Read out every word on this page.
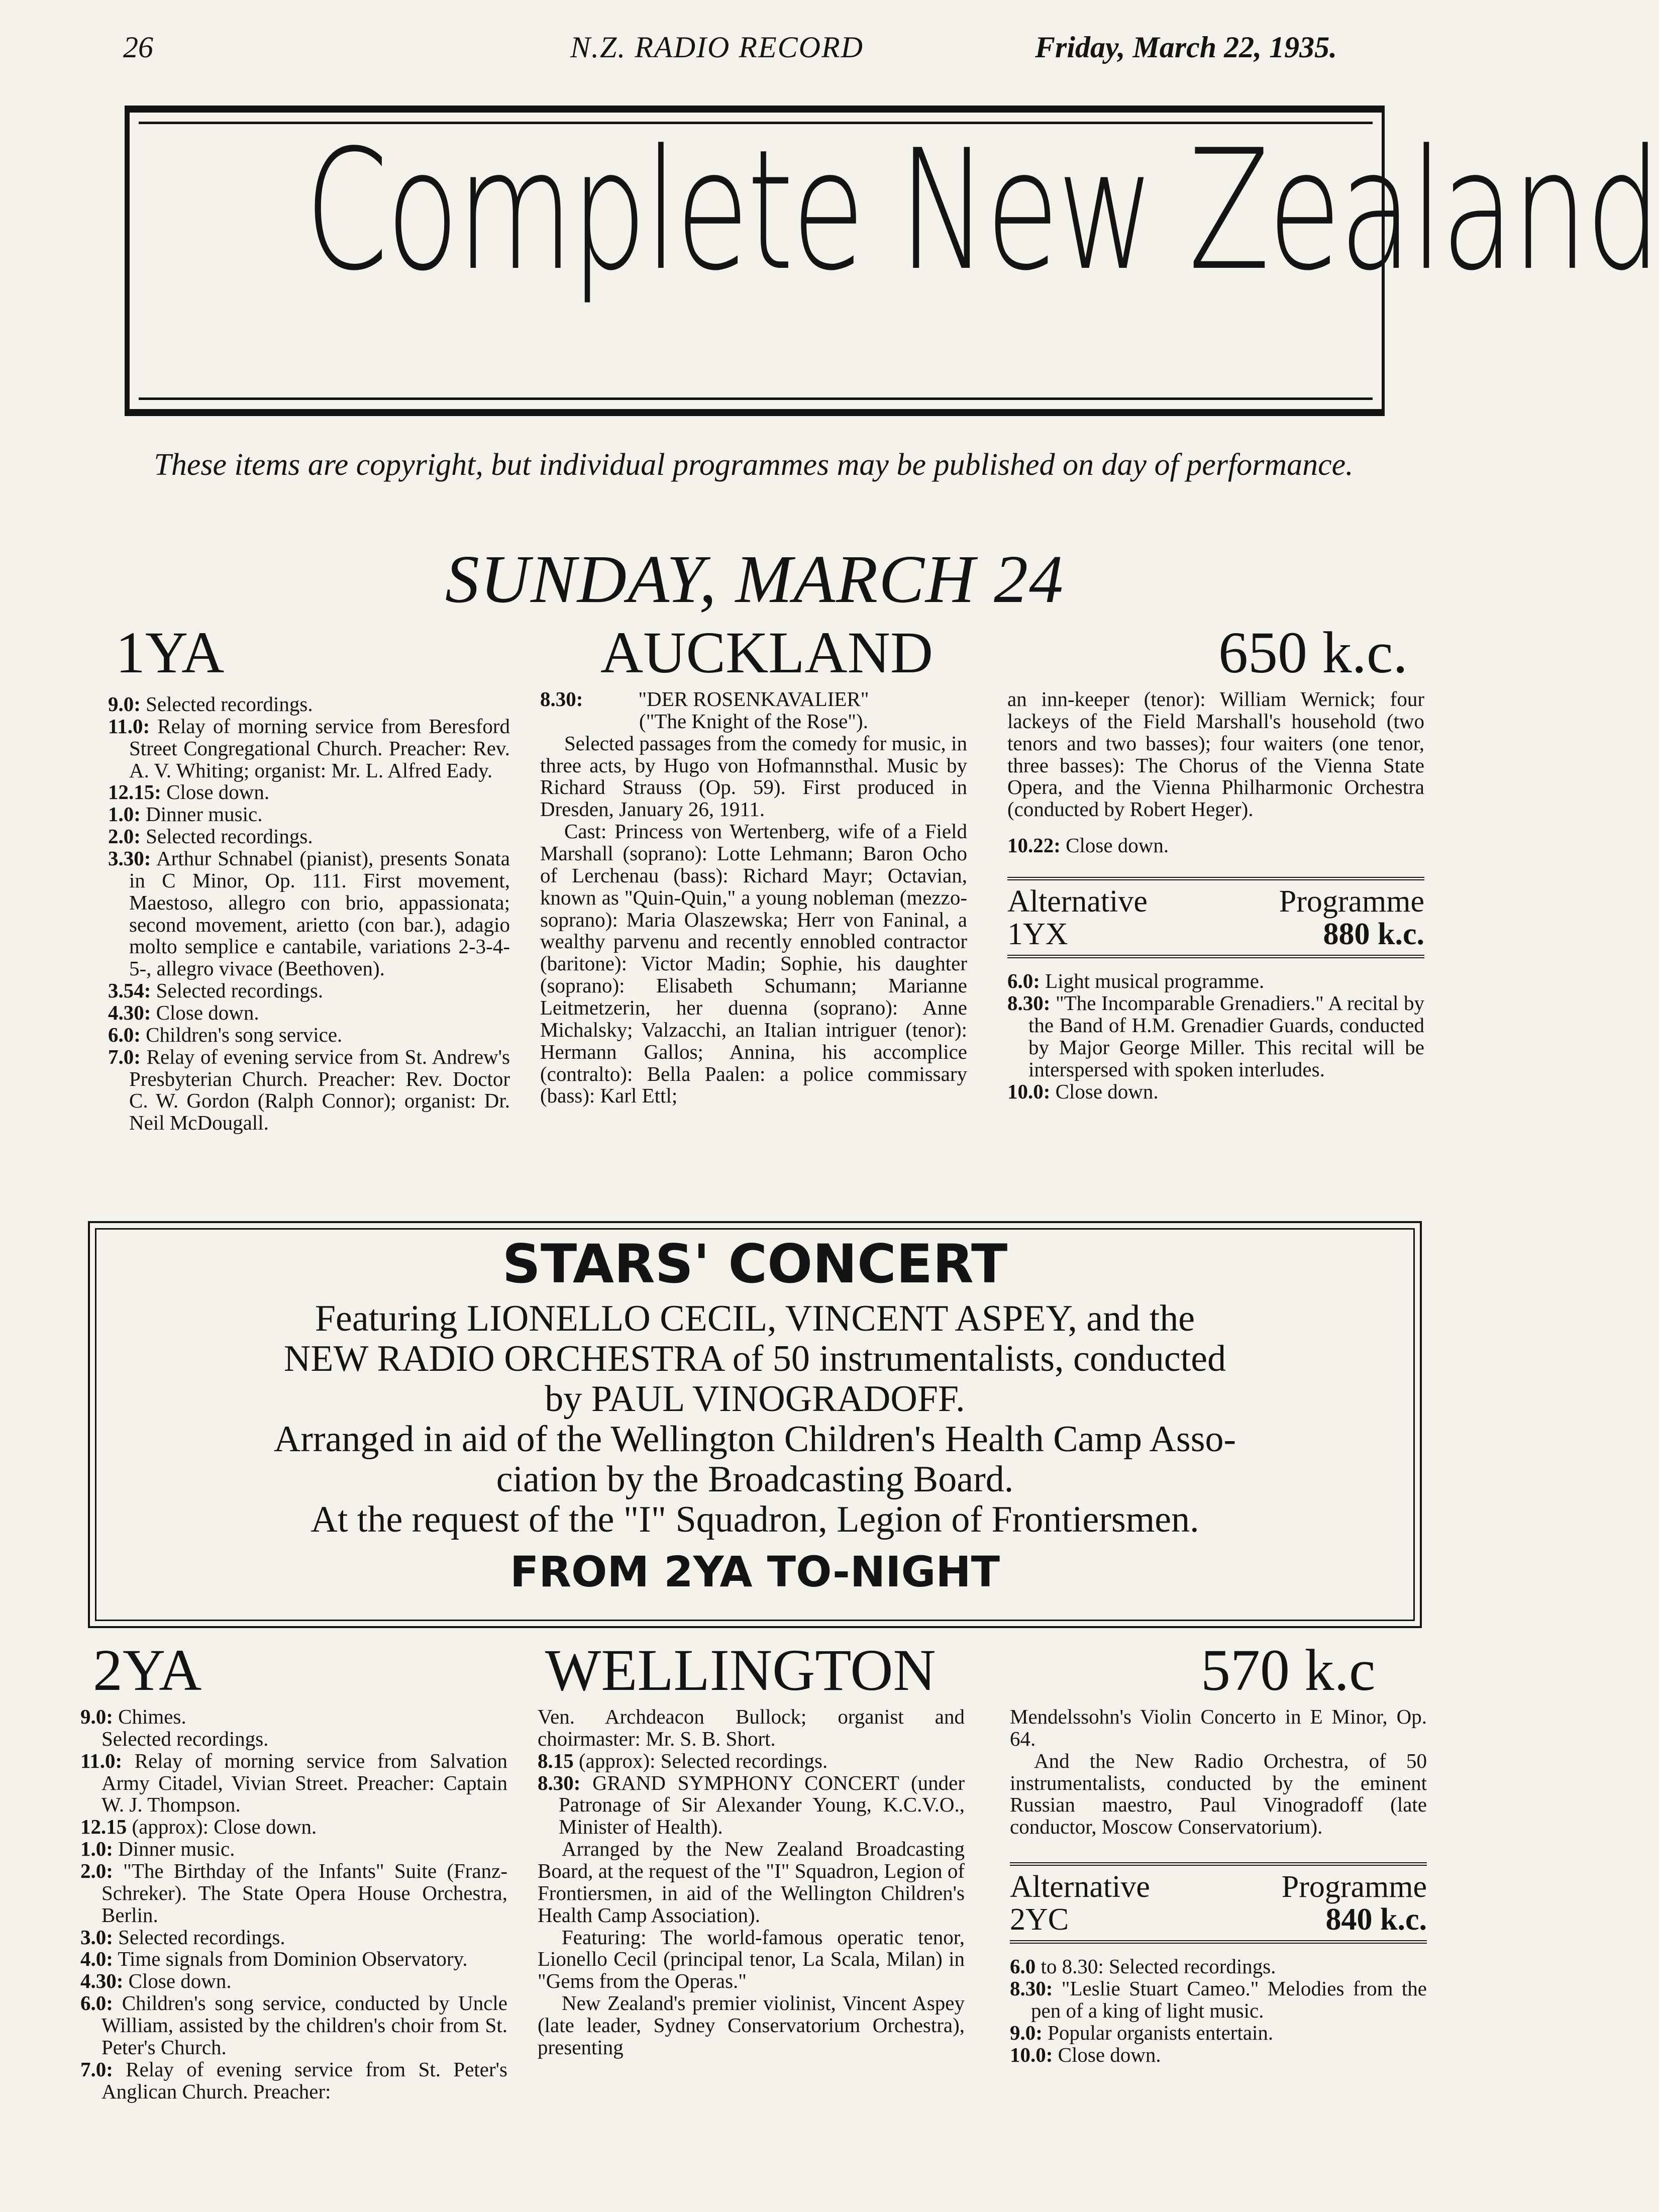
26	N.Z. RADIO RECORD	Friday, March 22, 1935.
Complete New Zealand
These items are copyright, but individual programmes may be published on day of performance.
SUNDAY, MARCH 24
1YA	AUCKLAND	650 k.c.

9.0: Selected recordings.

11.0: Relay of morning service from Beresford Street Congregational Church. Preacher: Rev. A. V. Whiting; organist: Mr. L. Alfred Eady.

12.15: Close down.

1.0: Dinner music.

2.0: Selected recordings.

3.30: Arthur Schnabel (pianist), presents Sonata in C Minor, Op. 111. First movement, Maestoso, allegro con brio, appassionata; second movement, arietto (con bar.), adagio molto semplice e cantabile, variations 2-3-4-5-, allegro vivace (Beethoven).

3.54: Selected recordings.

4.30: Close down.

6.0: Children's song service.

7.0: Relay of evening service from St. Andrew's Presbyterian Church. Preacher: Rev. Doctor C. W. Gordon (Ralph Connor); organist: Dr. Neil McDougall.

8.30:	"DER ROSENKAVALIER"

("The Knight of the Rose").

Selected passages from the comedy for music, in three acts, by Hugo von Hofmannsthal. Music by Richard Strauss (Op. 59). First produced in Dresden, January 26, 1911.

Cast: Princess von Wertenberg, wife of a Field Marshall (soprano): Lotte Lehmann; Baron Ocho of Lerchenau (bass): Richard Mayr; Octavian, known as "Quin-Quin," a young nobleman (mezzo-soprano): Maria Olaszewska; Herr von Faninal, a wealthy parvenu and recently ennobled contractor (baritone): Victor Madin; Sophie, his daughter (soprano): Elisabeth Schumann; Marianne Leitmetzerin, her duenna (soprano): Anne Michalsky; Valzacchi, an Italian intriguer (tenor): Hermann Gallos; Annina, his accomplice (contralto): Bella Paalen: a police commissary (bass): Karl Ettl;

an inn-keeper (tenor): William Wernick; four lackeys of the Field Marshall's household (two tenors and two basses); four waiters (one tenor, three basses): The Chorus of the Vienna State Opera, and the Vienna Philharmonic Orchestra (conducted by Robert Heger).

10.22: Close down.

Alternative	Programme
1YX	880 k.c.

6.0: Light musical programme.

8.30: "The Incomparable Grenadiers." A recital by the Band of H.M. Grenadier Guards, conducted by Major George Miller. This recital will be interspersed with spoken interludes.

10.0: Close down.

STARS' CONCERT
Featuring LIONELLO CECIL, VINCENT ASPEY, and the
NEW RADIO ORCHESTRA of 50 instrumentalists, conducted
by PAUL VINOGRADOFF.
Arranged in aid of the Wellington Children's Health Camp Asso-
ciation by the Broadcasting Board.
At the request of the "I" Squadron, Legion of Frontiersmen.
FROM 2YA TO-NIGHT
2YA	WELLINGTON	570 k.c

9.0: Chimes.

Selected recordings.

11.0: Relay of morning service from Salvation Army Citadel, Vivian Street. Preacher: Captain W. J. Thompson.

12.15 (approx): Close down.

1.0: Dinner music.

2.0: "The Birthday of the Infants" Suite (Franz-Schreker). The State Opera House Orchestra, Berlin.

3.0: Selected recordings.

4.0: Time signals from Dominion Observatory.

4.30: Close down.

6.0: Children's song service, conducted by Uncle William, assisted by the children's choir from St. Peter's Church.

7.0: Relay of evening service from St. Peter's Anglican Church. Preacher:

Ven. Archdeacon Bullock; organist and choirmaster: Mr. S. B. Short.

8.15 (approx): Selected recordings.

8.30: GRAND SYMPHONY CONCERT (under Patronage of Sir Alexander Young, K.C.V.O., Minister of Health).

Arranged by the New Zealand Broadcasting Board, at the request of the "I" Squadron, Legion of Frontiersmen, in aid of the Wellington Children's Health Camp Association).

Featuring: The world-famous operatic tenor, Lionello Cecil (principal tenor, La Scala, Milan) in "Gems from the Operas."

New Zealand's premier violinist, Vincent Aspey (late leader, Sydney Conservatorium Orchestra), presenting

Mendelssohn's Violin Concerto in E Minor, Op. 64.

And the New Radio Orchestra, of 50 instrumentalists, conducted by the eminent Russian maestro, Paul Vinogradoff (late conductor, Moscow Conservatorium).

Alternative	Programme
2YC	840 k.c.

6.0 to 8.30: Selected recordings.

8.30: "Leslie Stuart Cameo." Melodies from the pen of a king of light music.

9.0: Popular organists entertain.

10.0: Close down.
